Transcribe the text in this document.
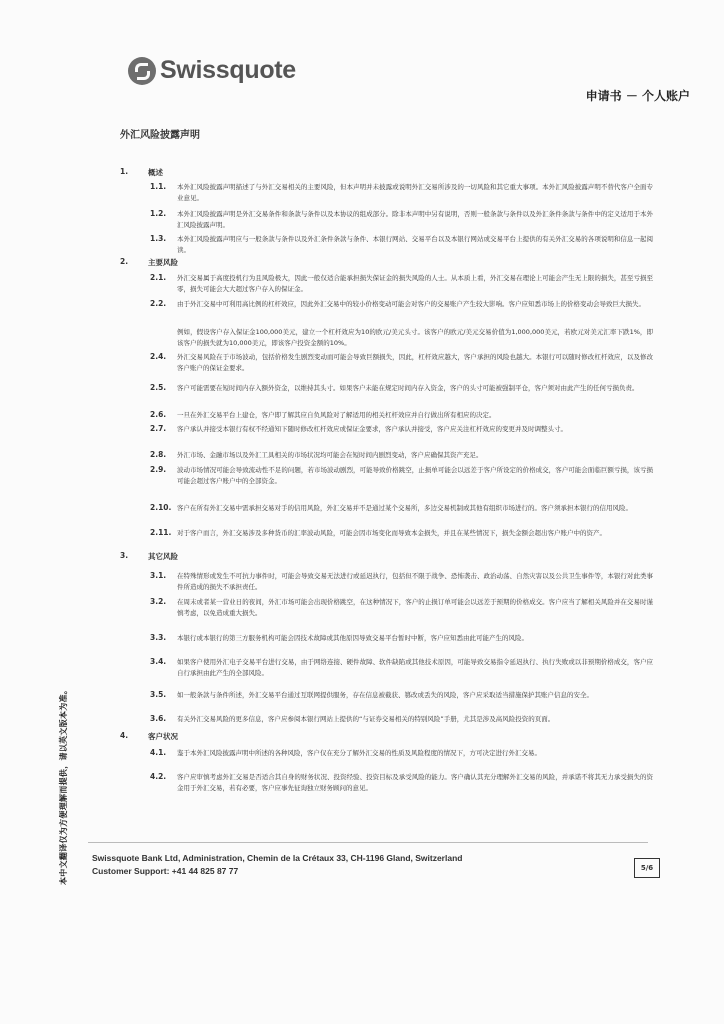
Swissquote
申请书 － 个人账户
外汇风险披露声明
1.	概述
1.1. 本外汇风险披露声明描述了与外汇交易相关的主要风险，但本声明并未披露或说明外汇交易所涉及的一切风险和其它重大事项。本外汇风险披露声明不替代客户全面专业意见。
1.2. 本外汇风险披露声明是外汇交易条件和条款与条件以及本协议的组成部分。除非本声明中另有说明，否则一般条款与条件以及外汇条件条款与条件中的定义适用于本外汇风险披露声明。
1.3. 本外汇风险披露声明应与一般条款与条件以及外汇条件条款与条件、本银行网站、交易平台以及本银行网站或交易平台上提供的有关外汇交易的各项说明和信息一起阅读。
2.	主要风险
2.1. 外汇交易属于高度投机行为且风险极大，因此一般仅适合能承担损失保证金的损失风险的人士。从本质上看，外汇交易在理论上可能会产生无上限的损失，甚至亏损至零，损失可能会大大超过客户存入的保证金。
2.2. 由于外汇交易中可利用高比例的杠杆效应，因此外汇交易中的较小价格变动可能会对客户的交易账户产生较大影响。客户应知悉市场上的价格变动会导致巨大损失。
例如，假设客户存入保证金100,000美元，建立一个杠杆效应为10的欧元/美元头寸。该客户的欧元/美元交易价值为1,000,000美元，若欧元对美元汇率下跌1%，即该客户的损失就为10,000美元，即该客户投资金额的10%。
2.4. 外汇交易风险在于市场波动，包括价格发生剧烈变动而可能会导致巨额损失，因此，杠杆效应越大，客户承担的风险也越大。本银行可以随时修改杠杆效应，以及修改客户账户的保证金要求。
2.5. 客户可能需要在短时间内存入额外资金，以维持其头寸。如果客户未能在规定时间内存入资金，客户的头寸可能被强制平仓，客户须对由此产生的任何亏损负责。
2.6. 一旦在外汇交易平台上建仓，客户即了解其应自负风险对了解适用的相关杠杆效应并自行做出所有相应的决定。
2.7. 客户承认并接受本银行有权不经通知下随时修改杠杆效应或保证金要求，客户承认并接受，客户应关注杠杆效应的变更并及时调整头寸。
2.8. 外汇市场、金融市场以及外汇工具相关的市场状况均可能会在短时间内剧烈变动，客户应确保其资产充足。
2.9. 波动市场情况可能会导致流动性不足的问题，若市场波动剧烈，可能导致价格跳空，止损单可能会以远差于客户所设定的价格成交，客户可能会面临巨额亏损，该亏损可能会超过客户账户中的全部资金。
2.10. 客户在所有外汇交易中需承担交易对手的信用风险，外汇交易并不是通过某个交易所，多边交易机制或其他有组织市场进行的。客户须承担本银行的信用风险。
2.11. 对于客户而言，外汇交易涉及多种货币的汇率波动风险，可能会因市场变化而导致本金损失，并且在某些情况下，损失金额会超出客户账户中的资产。
3.	其它风险
3.1. 在特殊情形或发生不可抗力事件时，可能会导致交易无法进行或延迟执行，包括但不限于战争、恐怖袭击、政治动荡、自然灾害以及公共卫生事件等，本银行对此类事件所造成的损失不承担责任。
3.2. 在周末或者某一营业日的夜间，外汇市场可能会出现价格跳空，在这种情况下，客户的止损订单可能会以远差于预期的价格成交。客户应当了解相关风险并在交易时谨慎考虑，以免造成重大损失。
3.3. 本银行或本银行的第三方服务机构可能会因技术故障或其他原因导致交易平台暂时中断，客户应知悉由此可能产生的风险。
3.4. 如果客户使用外汇电子交易平台进行交易，由于网络连接、硬件故障、软件缺陷或其他技术原因，可能导致交易指令延迟执行、执行失败或以非预期价格成交，客户应自行承担由此产生的全部风险。
3.5. 如一般条款与条件所述，外汇交易平台通过互联网提供服务，存在信息被截获、篡改或丢失的风险，客户应采取适当措施保护其账户信息的安全。
3.6. 有关外汇交易风险的更多信息，客户应参阅本银行网站上提供的“与证券交易相关的特别风险”手册，尤其是涉及高风险投资的页面。
4.	客户状况
4.1. 鉴于本外汇风险披露声明中所述的各种风险，客户仅在充分了解外汇交易的性质及风险程度的情况下，方可决定进行外汇交易。
4.2. 客户应审慎考虑外汇交易是否适合其自身的财务状况、投资经验、投资目标及承受风险的能力。客户确认其充分理解外汇交易的风险，并承诺不将其无力承受损失的资金用于外汇交易，若有必要，客户应事先征询独立财务顾问的意见。
本中文翻译仅为方便理解而提供，请以英文版本为准。	Swissquote Bank Ltd, Administration, Chemin de la Crétaux 33, CH-1196 Gland, Switzerland
Customer Support: +41 44 825 87 77	5/6
